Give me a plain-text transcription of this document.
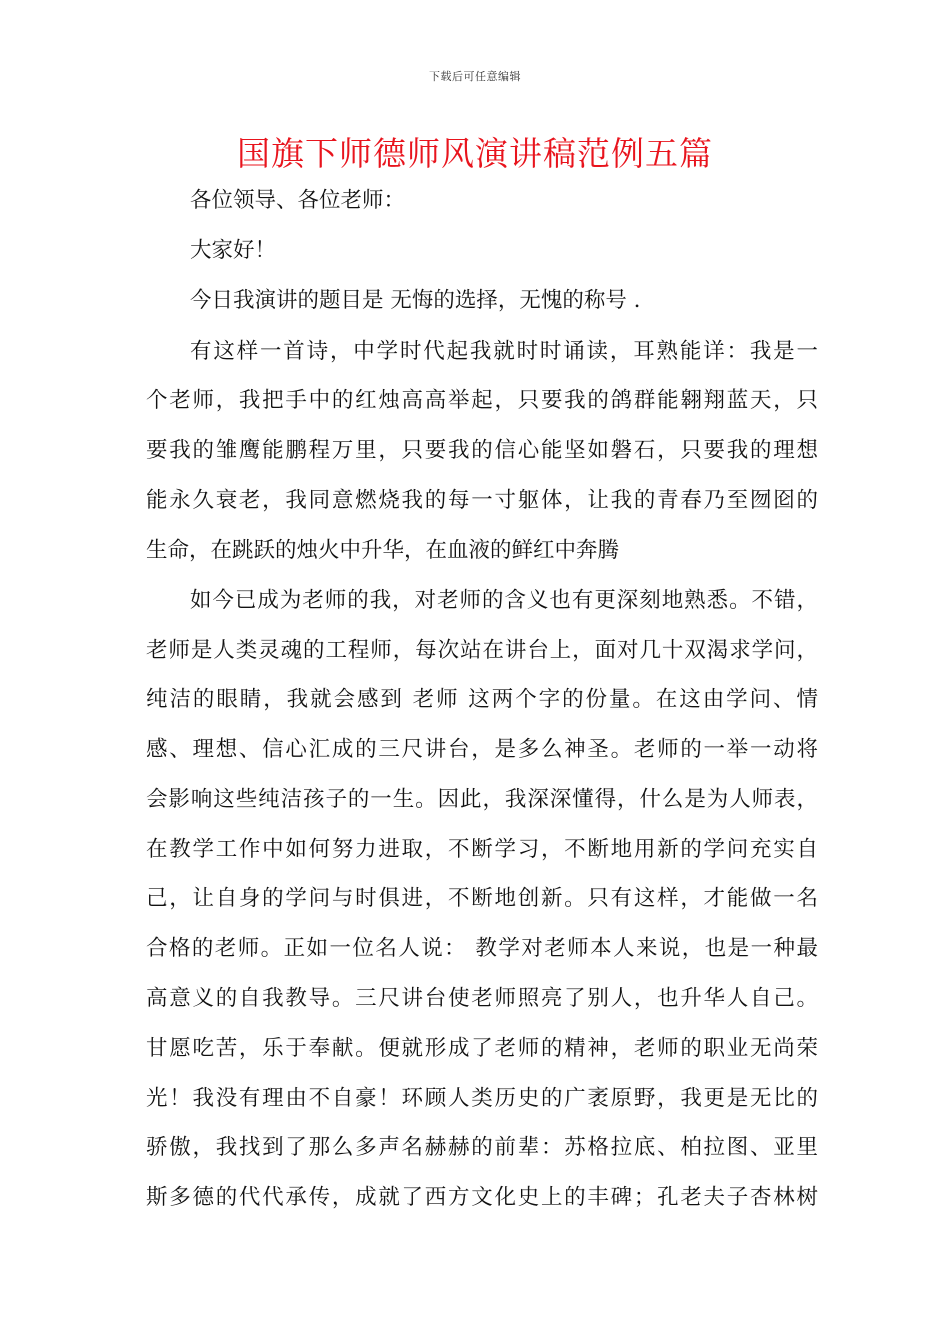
下载后可任意编辑
国旗下师德师风演讲稿范例五篇
各位领导、各位老师：
大家好！
今日我演讲的题目是 无悔的选择，无愧的称号 .
有这样一首诗，中学时代起我就时时诵读，耳熟能详：我是一
个老师，我把手中的红烛高高举起，只要我的鸽群能翱翔蓝天，只
要我的雏鹰能鹏程万里，只要我的信心能坚如磐石，只要我的理想
能永久衰老，我同意燃烧我的每一寸躯体，让我的青春乃至囫囵的
生命，在跳跃的烛火中升华，在血液的鲜红中奔腾
如今已成为老师的我，对老师的含义也有更深刻地熟悉。不错，
老师是人类灵魂的工程师，每次站在讲台上，面对几十双渴求学问，
纯洁的眼睛，我就会感到 老师 这两个字的份量。在这由学问、情
感、理想、信心汇成的三尺讲台，是多么神圣。老师的一举一动将
会影响这些纯洁孩子的一生。因此，我深深懂得，什么是为人师表，
在教学工作中如何努力进取，不断学习，不断地用新的学问充实自
己，让自身的学问与时俱进，不断地创新。只有这样，才能做一名
合格的老师。正如一位名人说： 教学对老师本人来说，也是一种最
高意义的自我教导。三尺讲台使老师照亮了别人，也升华人自己。
甘愿吃苦，乐于奉献。便就形成了老师的精神，老师的职业无尚荣
光！我没有理由不自豪！环顾人类历史的广袤原野，我更是无比的
骄傲，我找到了那么多声名赫赫的前辈：苏格拉底、柏拉图、亚里
斯多德的代代承传，成就了西方文化史上的丰碑；孔老夫子杏林树
